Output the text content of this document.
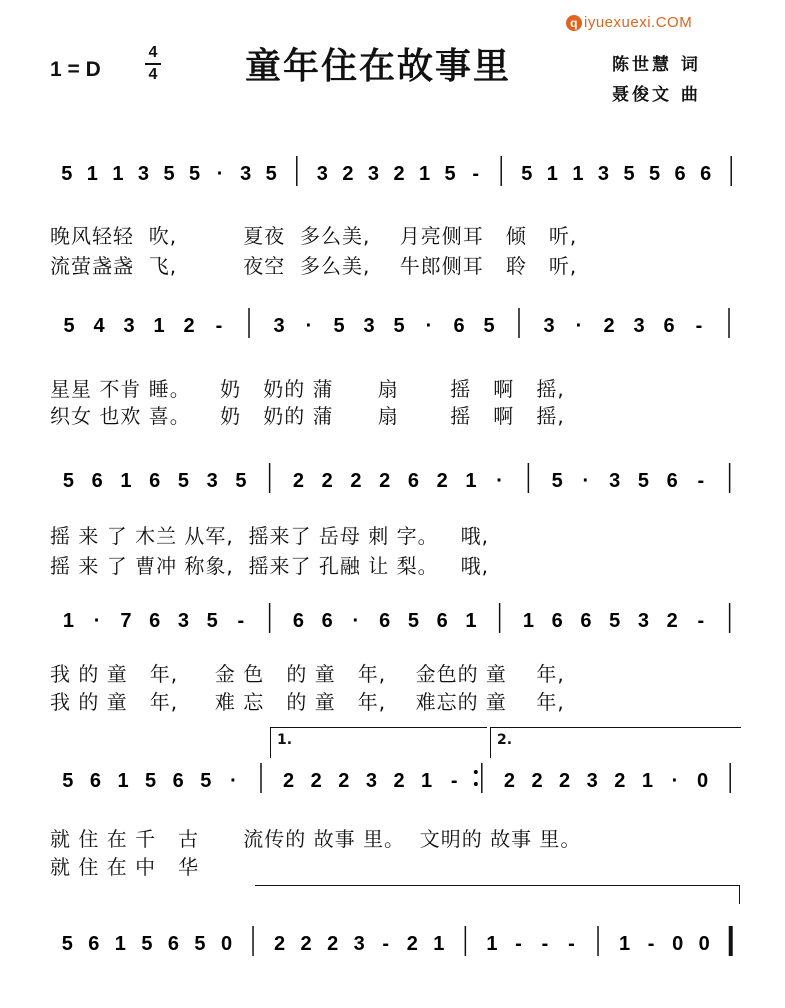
q iyuexuexi.COM
1 = D
4
4 童年住在故事里	陈世慧 词
聂俊文 曲
5 1 1 3 5 5 · 3 5 3 2 3 2 1 5 - 5 1 1 3 5 5 6 6
晚风轻轻  吹,         夏夜  多么美,    月亮侧耳   倾   听,
流萤盏盏  飞,         夜空  多么美,    牛郎侧耳   聆   听,
5 4 3 1 2 -	3 · 5 3 5 · 6 5 3 · 2 3 6 -
星星 不肯 睡。    奶   奶的 蒲      扇       摇   啊   摇,
织女 也欢 喜。    奶   奶的 蒲      扇       摇   啊   摇,
5 6 1 6 5 3 5 2 2 2 2 6 2 1 · 5 · 3 5 6 -
摇 来 了 木兰 从军,  摇来了 岳母 刺 字。   哦,
摇 来 了 曹冲 称象,  摇来了 孔融 让 梨。   哦,
1 · 7 6 3 5 - 6 6 · 6 5 6 1 1 6 6 5 3 2 -
我 的 童   年,     金 色   的 童   年,    金色的 童    年,
我 的 童   年,     难 忘   的 童   年,    难忘的 童    年,
1.	2.
5 6 1 5 6 5 · 2 2 2 3 2 1 - 2 2 2 3 2 1 · 0
就 住 在 千   古      流传的 故事 里。  文明的 故事 里。
就 住 在 中   华
5 6 1 5 6 5 0 2 2 2 3 - 2 1 1 - - - 1 - 0 0
